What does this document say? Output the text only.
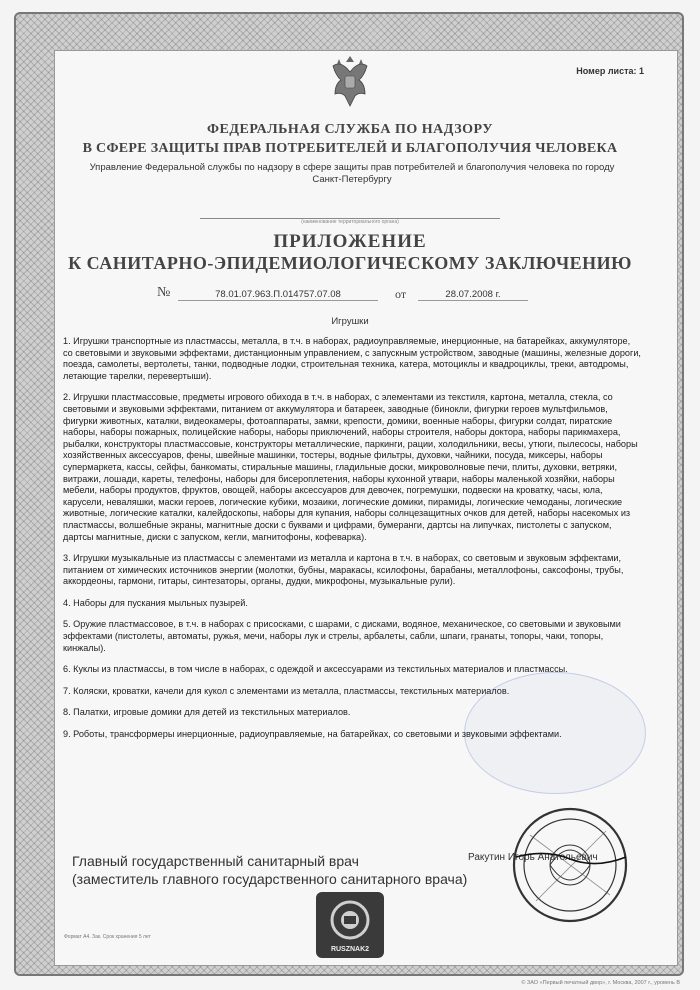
Номер листа: 1
ФЕДЕРАЛЬНАЯ СЛУЖБА ПО НАДЗОРУ
В СФЕРЕ ЗАЩИТЫ ПРАВ ПОТРЕБИТЕЛЕЙ И БЛАГОПОЛУЧИЯ ЧЕЛОВЕКА
Управление Федеральной службы по надзору в сфере защиты прав потребителей и благополучия человека по городу Санкт-Петербургу
(наименование территориального органа)
ПРИЛОЖЕНИЕ
К САНИТАРНО-ЭПИДЕМИОЛОГИЧЕСКОМУ ЗАКЛЮЧЕНИЮ
№	78.01.07.963.П.014757.07.08	от	28.07.2008 г.
Игрушки

1. Игрушки транспортные из пластмассы, металла, в т.ч. в наборах, радиоуправляемые, инерционные, на батарейках, аккумуляторе, со световыми и звуковыми эффектами, дистанционным управлением, с запускным устройством, заводные (машины, железные дороги, поезда, самолеты, вертолеты, танки, подводные лодки, строительная техника, катера, мотоциклы и квадроциклы, треки, автодромы, летающие тарелки, перевертыши).

2. Игрушки пластмассовые, предметы игрового обихода в т.ч. в наборах, с элементами из текстиля, картона, металла, стекла, со световыми и звуковыми эффектами, питанием от аккумулятора и батареек, заводные (бинокли, фигурки героев мультфильмов, фигурки животных, каталки, видеокамеры, фотоаппараты, замки, крепости, домики, военные наборы, фигурки солдат, пиратские наборы, наборы пожарных, полицейские наборы, наборы приключений, наборы строителя, наборы доктора, наборы парикмахера, рыбалки, конструкторы пластмассовые, конструкторы металлические, паркинги, рации, холодильники, весы, утюги, пылесосы, наборы хозяйственных аксессуаров, фены, швейные машинки, тостеры, водные фильтры, духовки, чайники, посуда, миксеры, наборы супермаркета, кассы, сейфы, банкоматы, стиральные машины, гладильные доски, микроволновые печи, плиты, духовки, ветряки, витражи, лошади, кареты, телефоны, наборы для бисероплетения, наборы кухонной утвари, наборы маленькой хозяйки, наборы мебели, наборы продуктов, фруктов, овощей, наборы аксессуаров для девочек, погремушки, подвески на кроватку, часы, юла, карусели, неваляшки, маски героев, логические кубики, мозаики, логические домики, пирамиды, логические чемоданы, логические животные, логические каталки, калейдоскопы, наборы для купания, наборы солнцезащитных очков для детей, наборы насекомых из пластмассы, волшебные экраны, магнитные доски с буквами и цифрами, бумеранги, дартсы на липучках, пистолеты с запуском, дартсы магнитные, диски с запуском, кегли, магнитофоны, кофеварка).

3. Игрушки музыкальные из пластмассы с элементами из металла и картона в т.ч. в наборах, со световым и звуковым эффектами, питанием от химических источников энергии (молотки, бубны, маракасы, ксилофоны, барабаны, металлофоны, саксофоны, трубы, аккордеоны, гармони, гитары, синтезаторы, органы, дудки, микрофоны, музыкальные рули).

4. Наборы для пускания мыльных пузырей.

5. Оружие пластмассовое, в т.ч. в наборах с присосками, с шарами, с дисками, водяное, механическое, со световыми и звуковыми эффектами (пистолеты, автоматы, ружья, мечи, наборы лук и стрелы, арбалеты, сабли, шпаги, гранаты, топоры, чаки, топоры, кинжалы).

6. Куклы из пластмассы, в том числе в наборах, с одеждой и аксессуарами из текстильных материалов и пластмассы.

7. Коляски, кроватки, качели для кукол с элементами из металла, пластмассы, текстильных материалов.

8. Палатки, игровые домики для детей из текстильных материалов.

9. Роботы, трансформеры инерционные, радиоуправляемые, на батарейках, со световыми и звуковыми эффектами.

Главный государственный санитарный врач
(заместитель главного государственного санитарного врача)
Ракутин Игорь Анатольевич
RUSZNAK2
Формат А4. Зак. Срок хранения 5 лет
© ЗАО «Первый печатный двор», г. Москва, 2007 г., уровень В
